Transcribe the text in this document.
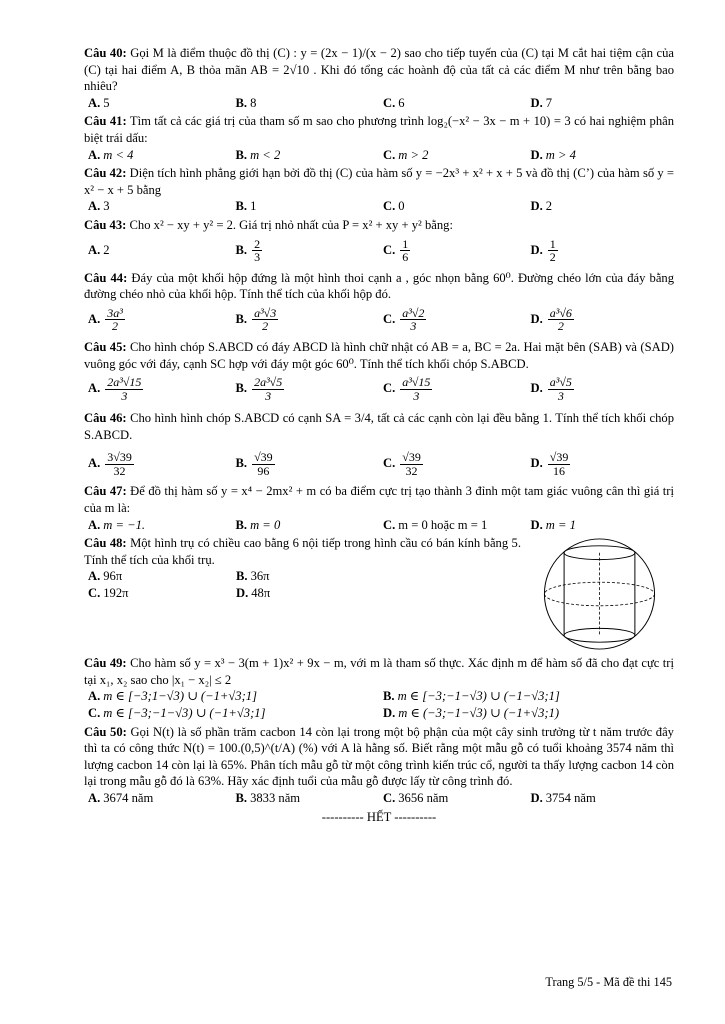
Câu 40: Gọi M là điểm thuộc đồ thị (C) : y = (2x − 1)/(x − 2) sao cho tiếp tuyến của (C) tại M cắt hai tiệm cận của (C) tại hai điểm A, B thỏa mãn AB = 2√10 . Khi đó tổng các hoành độ của tất cả các điểm M như trên bằng bao nhiêu?
A. 5	B. 8	C. 6	D. 7
Câu 41: Tìm tất cả các giá trị của tham số m sao cho phương trình log₂(−x² − 3x − m + 10) = 3 có hai nghiệm phân biệt trái dấu:
A. m < 4	B. m < 2	C. m > 2	D. m > 4
Câu 42: Diện tích hình phẳng giới hạn bởi đồ thị (C) của hàm số y = −2x³ + x² + x + 5 và đồ thị (C’) của hàm số y = x² − x + 5 bằng
A. 3	B. 1	C. 0	D. 2
Câu 43: Cho x² − xy + y² = 2. Giá trị nhỏ nhất của P = x² + xy + y² bằng:
A. 2	B. $\frac{2}{3}$	C. $\frac{1}{6}$	D. $\frac{1}{2}$
Câu 44: Đáy của một khối hộp đứng là một hình thoi cạnh a , góc nhọn bằng 60⁰. Đường chéo lớn của đáy bằng đường chéo nhỏ của khối hộp. Tính thể tích của khối hộp đó.
A. $\frac{\text{3a³}}{2}$	B. $\frac{\text{a³√3}}{2}$	C. $\frac{\text{a³√2}}{3}$	D. $\frac{\text{a³√6}}{2}$
Câu 45: Cho hình chóp S.ABCD có đáy ABCD là hình chữ nhật có AB = a, BC = 2a. Hai mặt bên (SAB) và (SAD) vuông góc với đáy, cạnh SC hợp với đáy một góc 60⁰. Tính thể tích khối chóp S.ABCD.
A. $\frac{\text{2a³√15}}{3}$	B. $\frac{\text{2a³√5}}{3}$	C. $\frac{\text{a³√15}}{3}$	D. $\frac{\text{a³√5}}{3}$
Câu 46: Cho hình hình chóp S.ABCD có cạnh SA = 3/4, tất cả các cạnh còn lại đều bằng 1. Tính thể tích khối chóp S.ABCD.
A. $\frac{3√39}{32}$	B. $\frac{√39}{96}$	C. $\frac{√39}{32}$	D. $\frac{√39}{16}$
Câu 47: Để đồ thị hàm số y = x⁴ − 2mx² + m có ba điểm cực trị tạo thành 3 đỉnh một tam giác vuông cân thì giá trị của m là:
A. m = −1.	B. m = 0	C. m = 0 hoặc m = 1	D. m = 1
Câu 48: Một hình trụ có chiều cao bằng 6 nội tiếp trong hình cầu có bán kính bằng 5. Tính thể tích của khối trụ.
A. 96π	B. 36π
C. 192π	D. 48π
Câu 49: Cho hàm số y = x³ − 3(m + 1)x² + 9x − m, với m là tham số thực. Xác định m để hàm số đã cho đạt cực trị tại x₁, x₂ sao cho |x₁ − x₂| ≤ 2
A. m ∈ [−3;1−√3) ∪ (−1+√3;1]	B. m ∈ [−3;−1−√3) ∪ (−1−√3;1]
C. m ∈ [−3;−1−√3) ∪ (−1+√3;1]	D. m ∈ (−3;−1−√3) ∪ (−1+√3;1)
Câu 50: Gọi N(t) là số phần trăm cacbon 14 còn lại trong một bộ phận của một cây sinh trưởng từ t năm trước đây thì ta có công thức N(t) = 100.(0,5)^(t/A) (%) với A là hằng số. Biết rằng một mẫu gỗ có tuổi khoảng 3574 năm thì lượng cacbon 14 còn lại là 65%. Phân tích mẫu gỗ từ một công trình kiến trúc cổ, người ta thấy lượng cacbon 14 còn lại trong mẫu gỗ đó là 63%. Hãy xác định tuổi của mẫu gỗ được lấy từ công trình đó.
A. 3674 năm	B. 3833 năm	C. 3656 năm	D. 3754 năm
---------- HẾT ----------
Trang 5/5 - Mã đề thi 145
